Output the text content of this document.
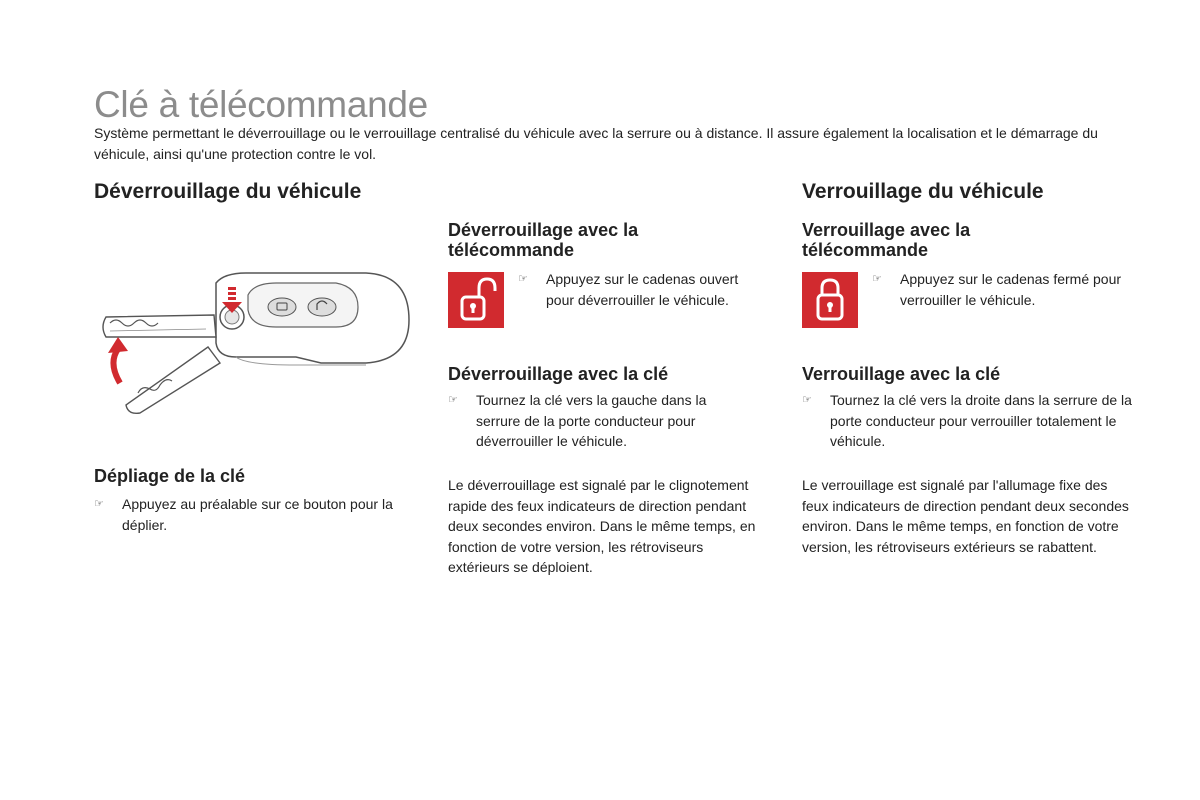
Clé à télécommande
Système permettant le déverrouillage ou le verrouillage centralisé du véhicule avec la serrure ou à distance. Il assure également la localisation et le démarrage du véhicule, ainsi qu'une protection contre le vol.
Déverrouillage du véhicule
Dépliage de la clé
☞	Appuyez au préalable sur ce bouton pour la déplier.
Déverrouillage avec la
télécommande
☞	Appuyez sur le cadenas ouvert pour déverrouiller le véhicule.
Déverrouillage avec la clé
☞	Tournez la clé vers la gauche dans la serrure de la porte conducteur pour déverrouiller le véhicule.
Le déverrouillage est signalé par le clignotement rapide des feux indicateurs de direction pendant deux secondes environ. Dans le même temps, en fonction de votre version, les rétroviseurs extérieurs se déploient.
Verrouillage du véhicule
Verrouillage avec la
télécommande
☞	Appuyez sur le cadenas fermé pour verrouiller le véhicule.
Verrouillage avec la clé
☞	Tournez la clé vers la droite dans la serrure de la porte conducteur pour verrouiller totalement le véhicule.
Le verrouillage est signalé par l'allumage fixe des feux indicateurs de direction pendant deux secondes environ. Dans le même temps, en fonction de votre version, les rétroviseurs extérieurs se rabattent.
